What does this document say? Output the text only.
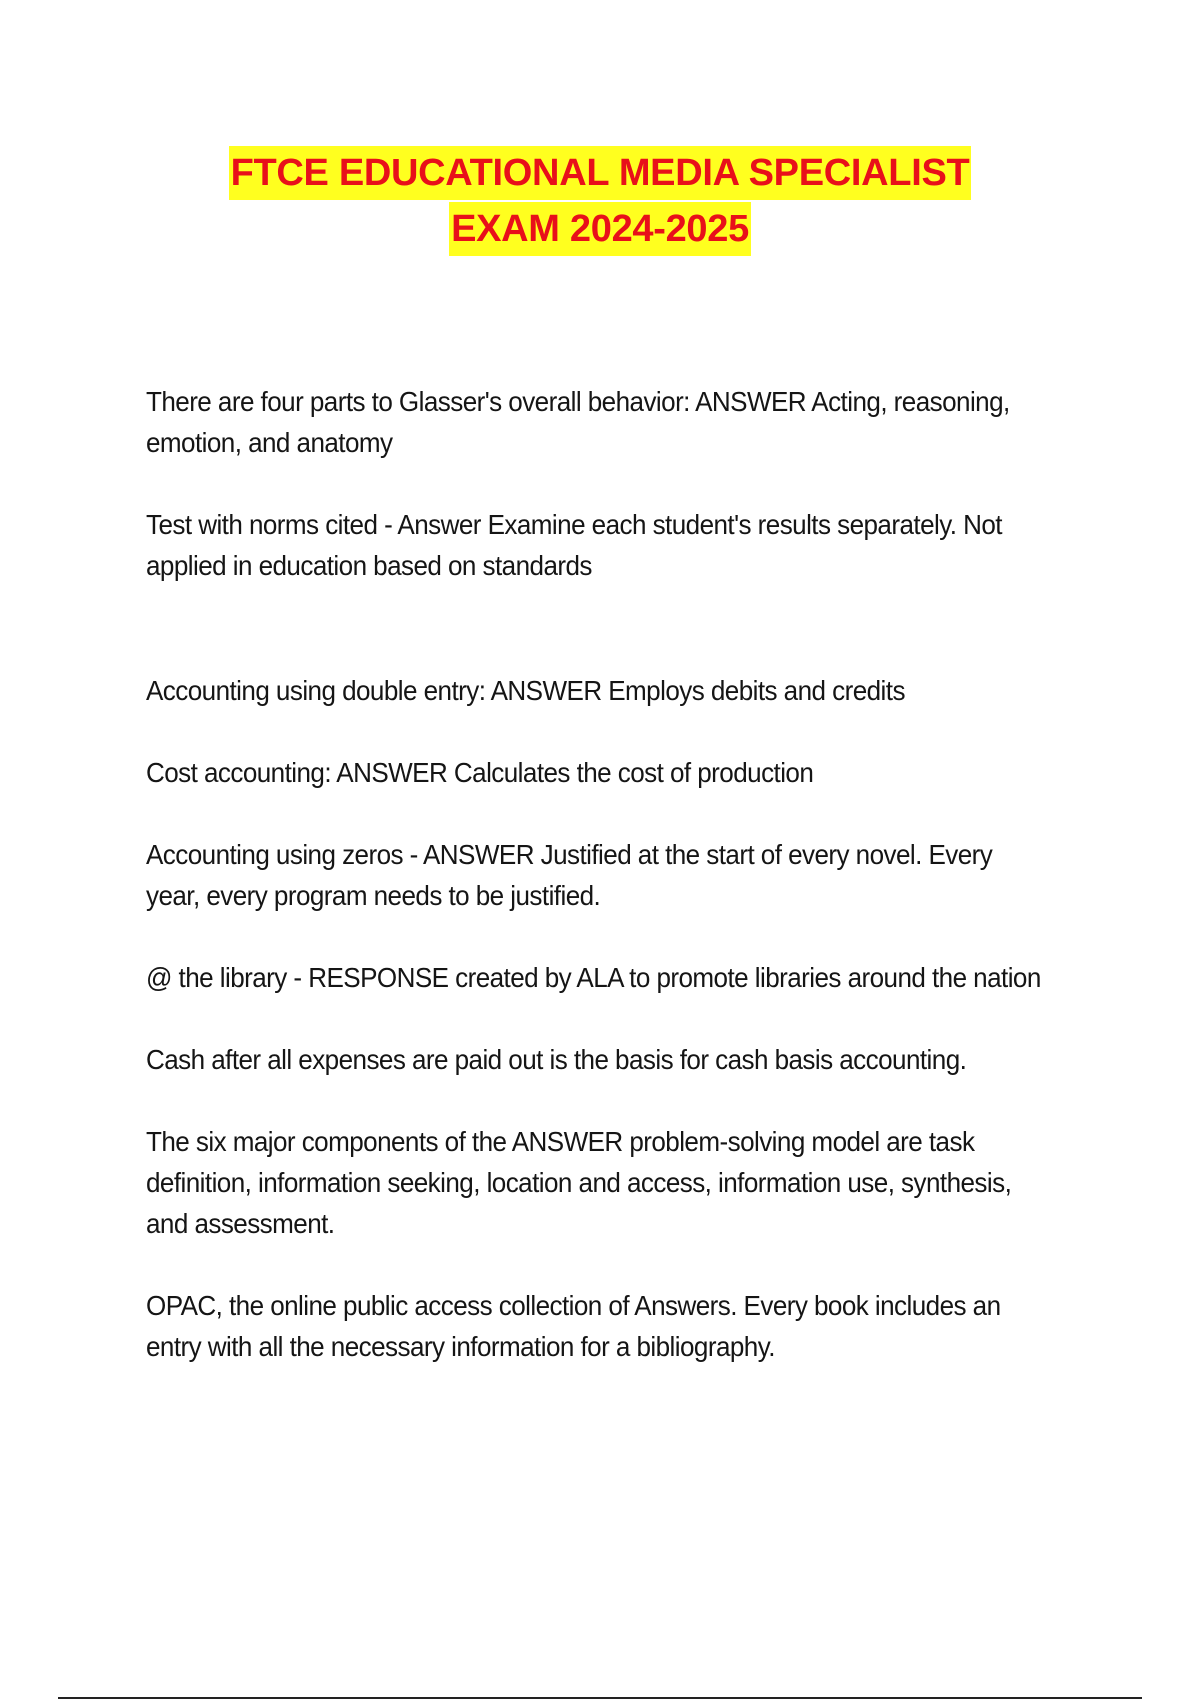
FTCE EDUCATIONAL MEDIA SPECIALIST
EXAM 2024-2025

There are four parts to Glasser's overall behavior: ANSWER Acting, reasoning, emotion, and anatomy

Test with norms cited - Answer Examine each student's results separately. Not applied in education based on standards

Accounting using double entry: ANSWER Employs debits and credits

Cost accounting: ANSWER Calculates the cost of production

Accounting using zeros - ANSWER Justified at the start of every novel. Every year, every program needs to be justified.

@ the library - RESPONSE created by ALA to promote libraries around the nation

Cash after all expenses are paid out is the basis for cash basis accounting.

The six major components of the ANSWER problem-solving model are task definition, information seeking, location and access, information use, synthesis, and assessment.

OPAC, the online public access collection of Answers. Every book includes an entry with all the necessary information for a bibliography.
